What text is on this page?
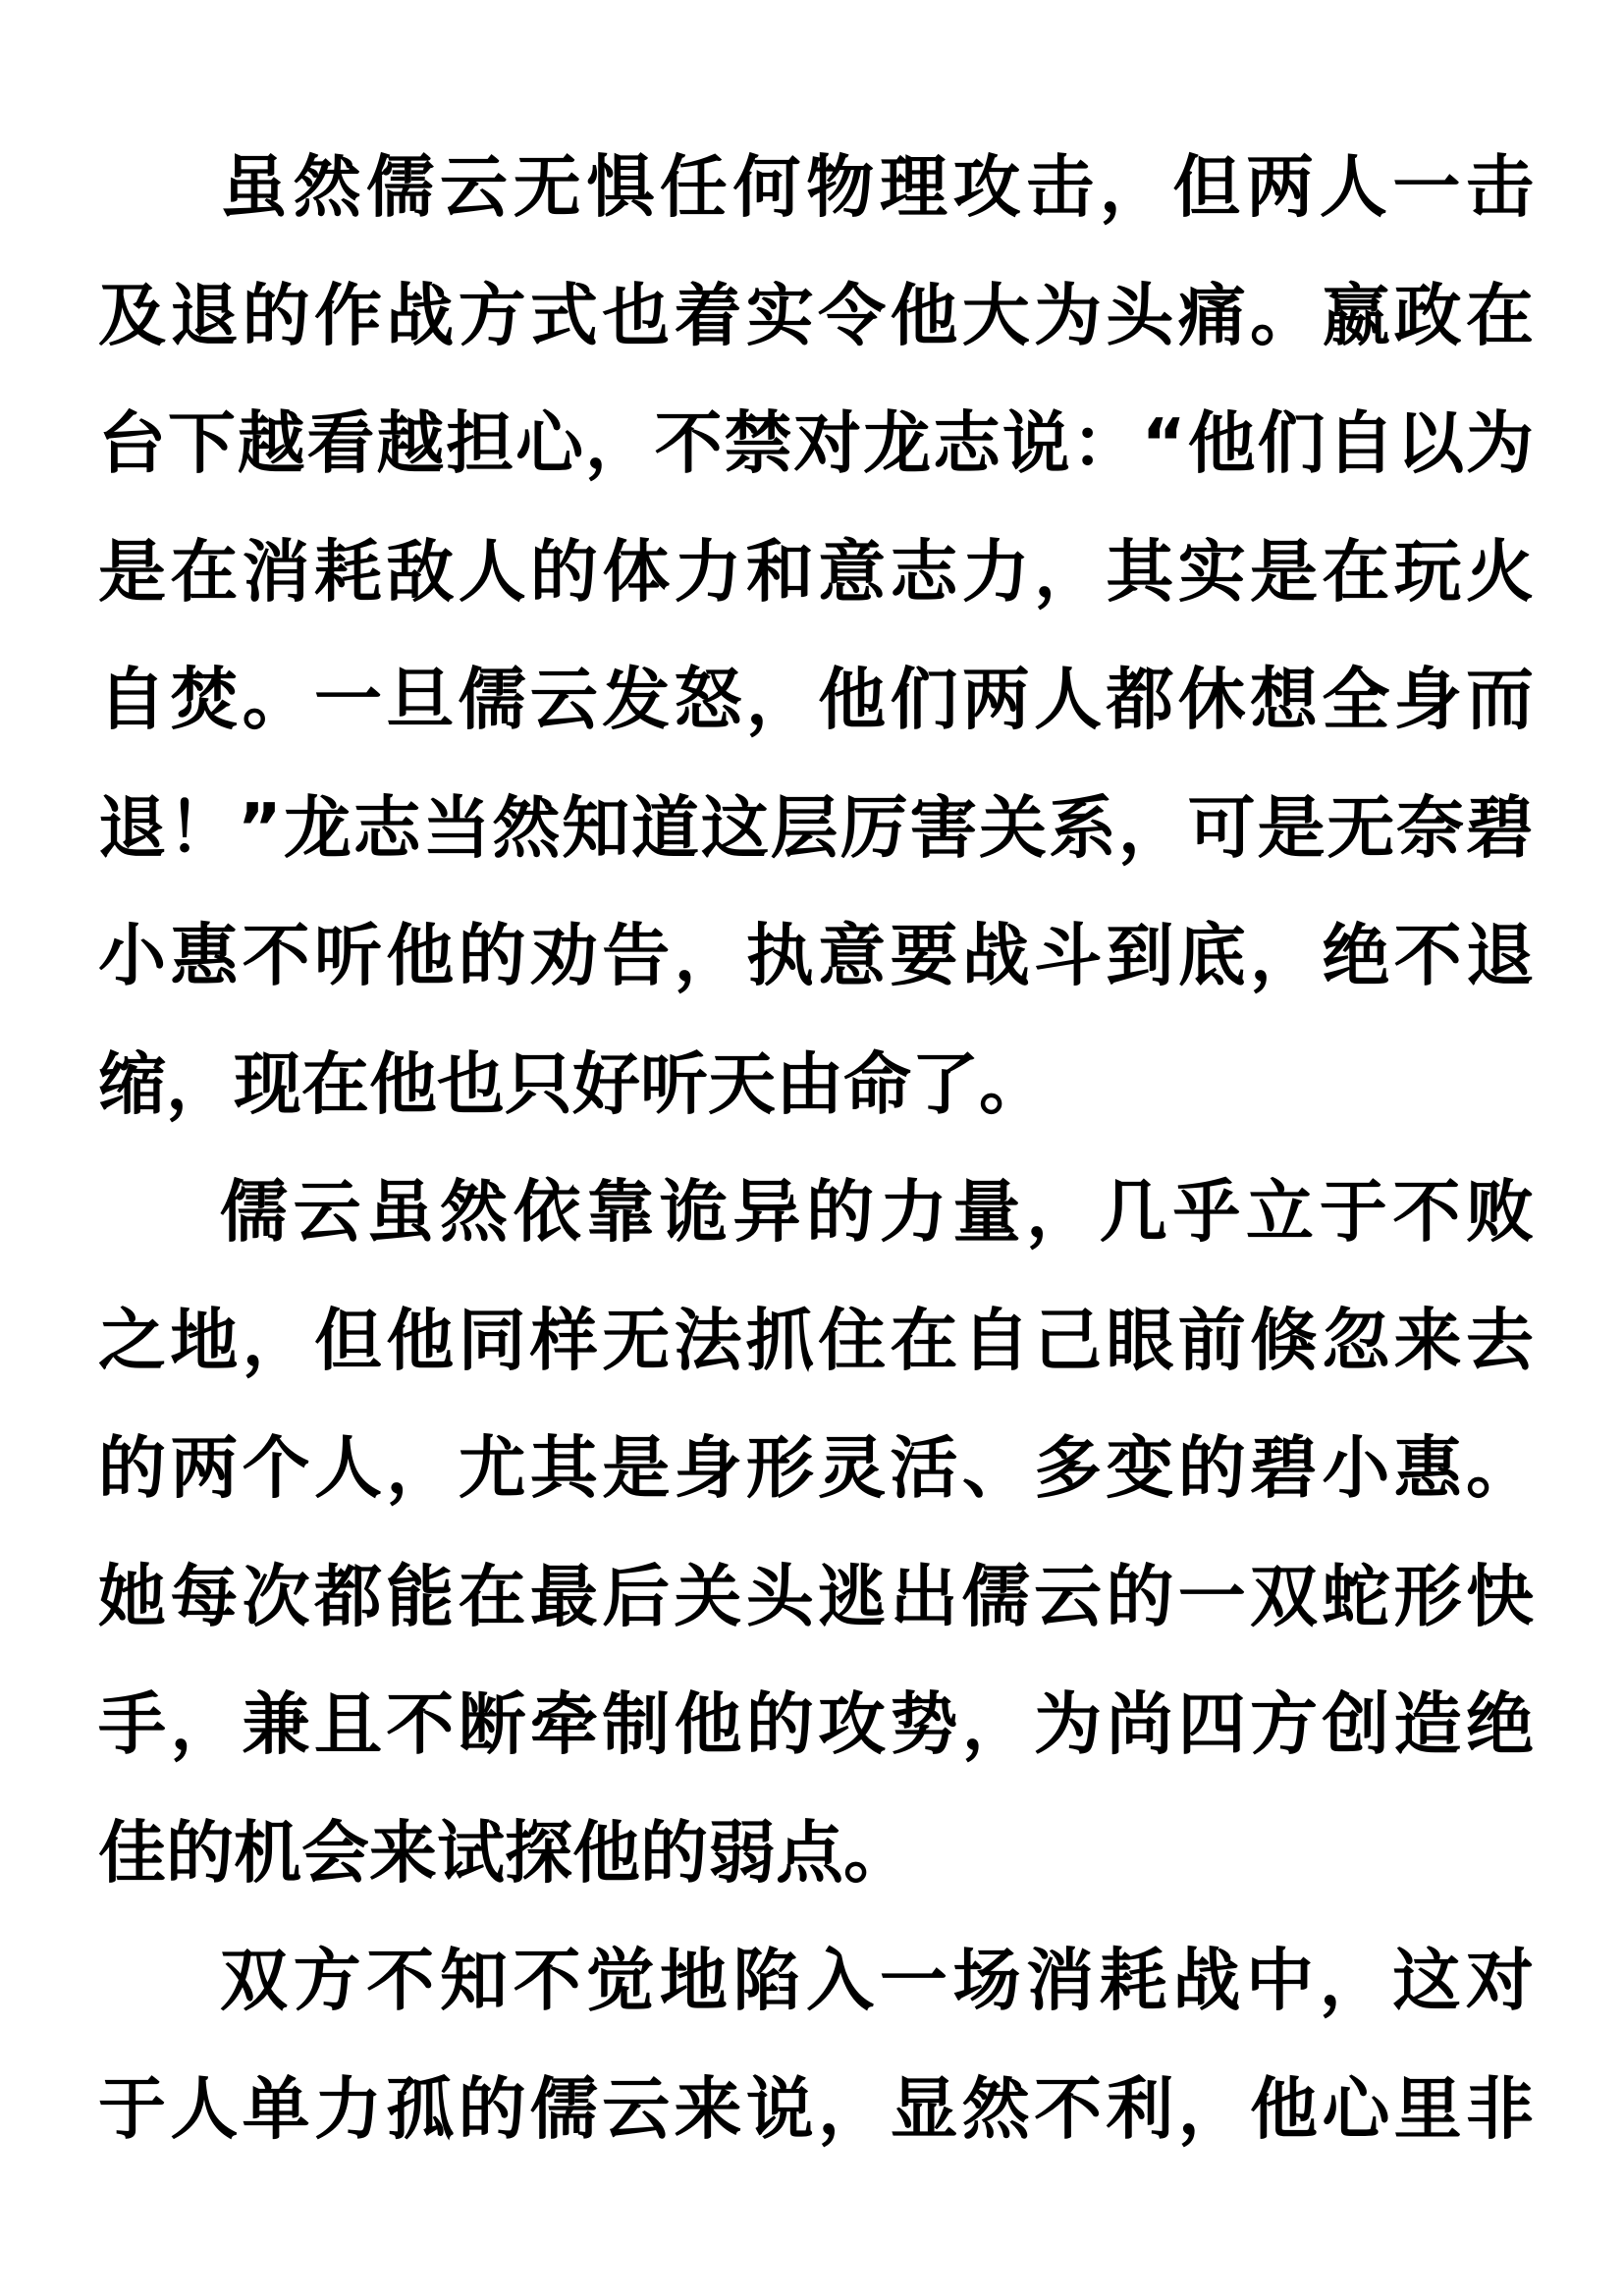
虽然儒云无惧任何物理攻击，但两人一击
及退的作战方式也着实令他大为头痛。嬴政在
台下越看越担心，不禁对龙志说：“他们自以为
是在消耗敌人的体力和意志力，其实是在玩火
自焚。一旦儒云发怒，他们两人都休想全身而
退！”龙志当然知道这层厉害关系，可是无奈碧
小惠不听他的劝告，执意要战斗到底，绝不退
缩，现在他也只好听天由命了。
儒云虽然依靠诡异的力量，几乎立于不败
之地，但他同样无法抓住在自己眼前倏忽来去
的两个人，尤其是身形灵活、多变的碧小惠。
她每次都能在最后关头逃出儒云的一双蛇形快
手，兼且不断牵制他的攻势，为尚四方创造绝
佳的机会来试探他的弱点。
双方不知不觉地陷入一场消耗战中，这对
于人单力孤的儒云来说，显然不利，他心里非
